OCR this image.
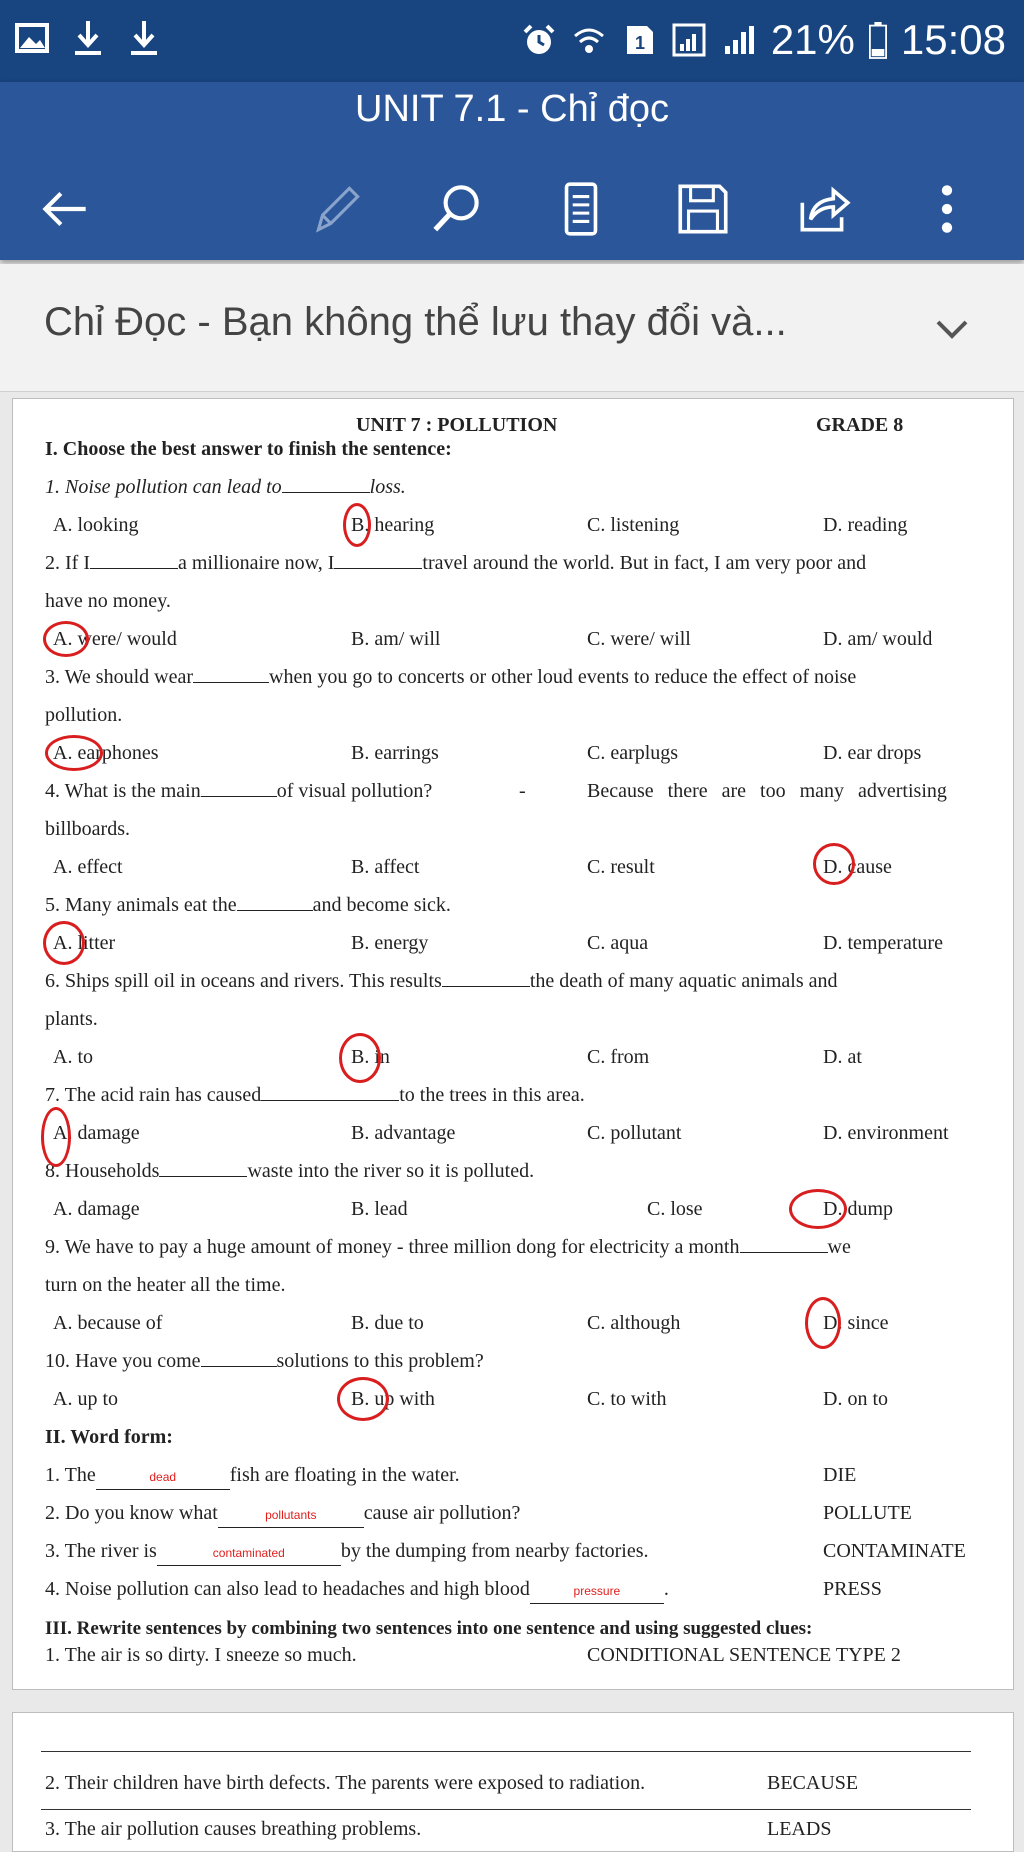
1	21% 15:08
UNIT 7.1 - Chỉ đọc
Chỉ Đọc - Bạn không thể lưu thay đổi và...
UNIT 7 : POLLUTION	GRADE 8
I. Choose the best answer to finish the sentence:
1. Noise pollution can lead to	loss.
A. looking	B. hearing	C. listening	D. reading
2. If I	a millionaire now, I	travel around the world. But in fact, I am very poor and
have no money.
A. were/ would	B. am/ will	C. were/ will	D. am/ would
3. We should wear	when you go to concerts or other loud events to reduce the effect of noise
pollution.
A. earphones	B. earrings	C. earplugs	D. ear drops
4. What is the main	of visual pollution?	-	Because there are too many advertising
billboards.
A. effect	B. affect	C. result	D. cause
5. Many animals eat the	and become sick.
A. litter	B. energy	C. aqua	D. temperature
6. Ships spill oil in oceans and rivers. This results	the death of many aquatic animals and
plants.
A. to	B. in	C. from	D. at
7. The acid rain has caused	to the trees in this area.
A. damage	B. advantage	C. pollutant	D. environment
8. Households	waste into the river so it is polluted.
A. damage	B. lead	C. lose	D. dump
9. We have to pay a huge amount of money - three million dong for electricity a month	we
turn on the heater all the time.
A. because of	B. due to	C. although	D. since
10. Have you come	solutions to this problem?
A. up to	B. up with	C. to with	D. on to
II. Word form:
1. The	dead	fish are floating in the water.	DIE
2. Do you know what	pollutants cause air pollution?	POLLUTE
3. The river is	contaminated	by the dumping from nearby factories.	CONTAMINATE
4. Noise pollution can also lead to headaches and high blood	pressure .	PRESS
III. Rewrite sentences by combining two sentences into one sentence and using suggested clues:
1. The air is so dirty. I sneeze so much.	CONDITIONAL SENTENCE TYPE 2
2. Their children have birth defects. The parents were exposed to radiation.	BECAUSE
3. The air pollution causes breathing problems.	LEADS
